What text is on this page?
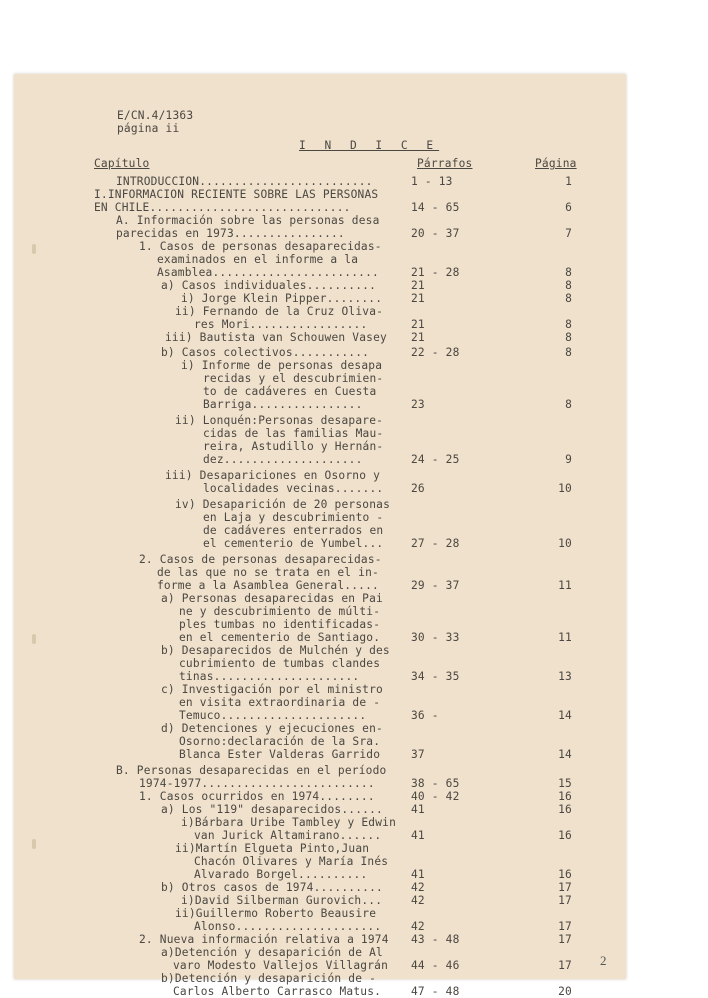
E/CN.4/1363
página ii
I N D I C E
Capítulo	Párrafos	Página
INTRODUCCION.........................	1 - 13	1
I.INFORMACION RECIENTE SOBRE LAS PERSONAS
EN CHILE.............................	14 - 65	6
A. Información sobre las personas desa
parecidas en 1973................	20 - 37	7
1. Casos de personas desaparecidas-
examinados en el informe a la
Asamblea........................	21 - 28	8
a) Casos individuales..........	21	8
i) Jorge Klein Pipper........	21	8
ii) Fernando de la Cruz Oliva-
res Mori.................	21	8
iii) Bautista van Schouwen Vasey 21	8
b) Casos colectivos...........	22 - 28	8
i) Informe de personas desapa
recidas y el descubrimien-
to de cadáveres en Cuesta
Barriga................	23	8
ii) Lonquén:Personas desapare-
cidas de las familias Mau-
reira, Astudillo y Hernán-
dez....................	24 - 25	9
iii) Desapariciones en Osorno y
localidades vecinas....... 26	10
iv) Desaparición de 20 personas
en Laja y descubrimiento -
de cadáveres enterrados en
el cementerio de Yumbel... 27 - 28	10
2. Casos de personas desaparecidas-
de las que no se trata en el in-
forme a la Asamblea General.....	29 - 37	11
a) Personas desaparecidas en Pai
ne y descubrimiento de múlti-
ples tumbas no identificadas-
en el cementerio de Santiago.	30 - 33	11
b) Desaparecidos de Mulchén y des
cubrimiento de tumbas clandes
tinas.....................	34 - 35	13
c) Investigación por el ministro
en visita extraordinaria de -
Temuco.....................	36 -	14
d) Detenciones y ejecuciones en-
Osorno:declaración de la Sra.
Blanca Ester Valderas Garrido	37	14
B. Personas desaparecidas en el período
1974-1977.........................	38 - 65	15
1. Casos ocurridos en 1974........	40 - 42	16
a) Los "119" desaparecidos......	41	16
i)Bárbara Uribe Tambley y Edwin
van Jurick Altamirano......	41	16
ii)Martín Elgueta Pinto,Juan
Chacón Olivares y María Inés
Alvarado Borgel..........	41	16
b) Otros casos de 1974..........	42	17
i)David Silberman Gurovich...	42	17
ii)Guillermo Roberto Beausire
Alonso.....................	42	17
2. Nueva información relativa a 1974 43 - 48	17
a)Detención y desaparición de Al
varo Modesto Vallejos Villagrán 44 - 46	17
b)Detención y desaparición de -
Carlos Alberto Carrasco Matus.	47 - 48	20
2
